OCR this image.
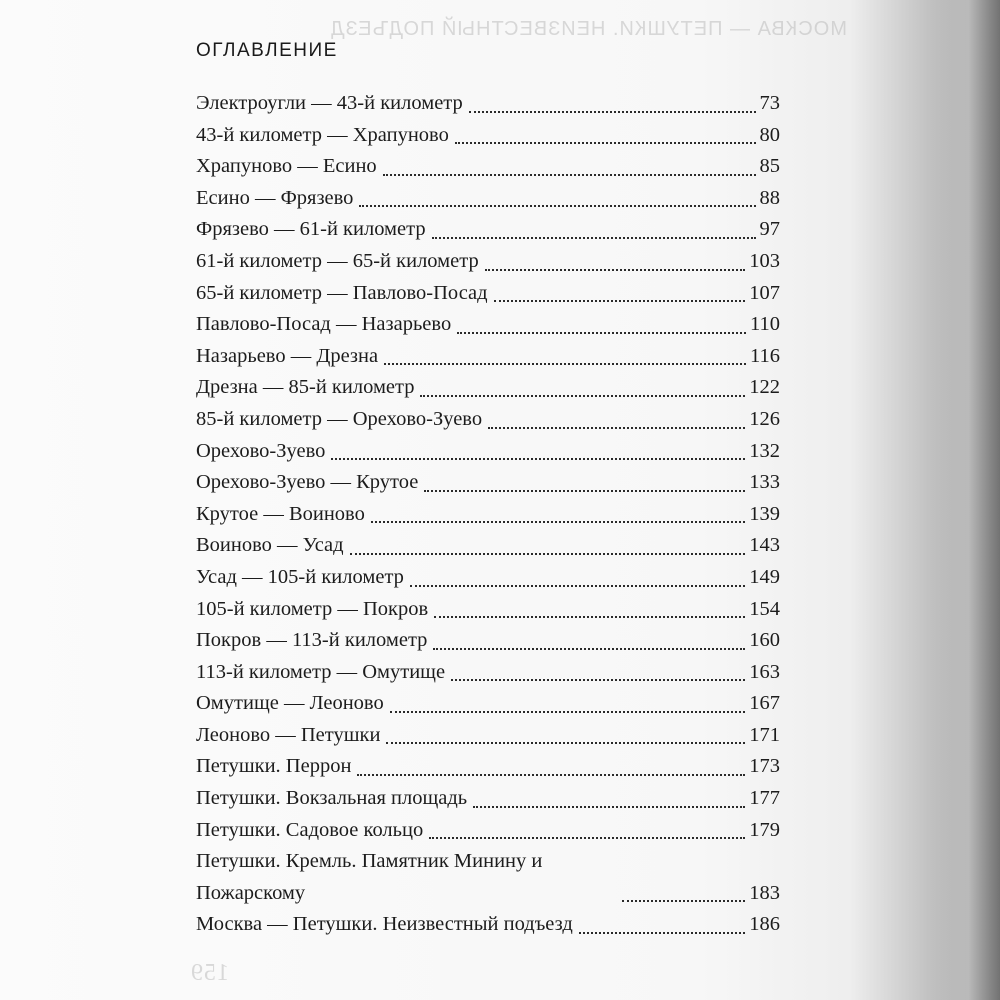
МОСКВА — ПЕТУШКИ. НЕИЗВЕСТНЫЙ ПОДЪЕЗД
159
ОГЛАВЛЕНИЕ
Электроугли — 43-й километр	73
43-й километр — Храпуново	80
Храпуново — Есино	85
Есино — Фрязево	88
Фрязево — 61-й километр	97
61-й километр — 65-й километр	103
65-й километр — Павлово-Посад	107
Павлово-Посад — Назарьево	110
Назарьево — Дрезна	116
Дрезна — 85-й километр	122
85-й километр — Орехово-Зуево	126
Орехово-Зуево	132
Орехово-Зуево — Крутое	133
Крутое — Воиново	139
Воиново — Усад	143
Усад — 105-й километр	149
105-й километр — Покров	154
Покров — 113-й километр	160
113-й километр — Омутище	163
Омутище — Леоново	167
Леоново — Петушки	171
Петушки. Перрон	173
Петушки. Вокзальная площадь	177
Петушки. Садовое кольцо	179
Петушки. Кремль. Памятник Минину и Пожарскому	183
Москва — Петушки. Неизвестный подъезд	186
